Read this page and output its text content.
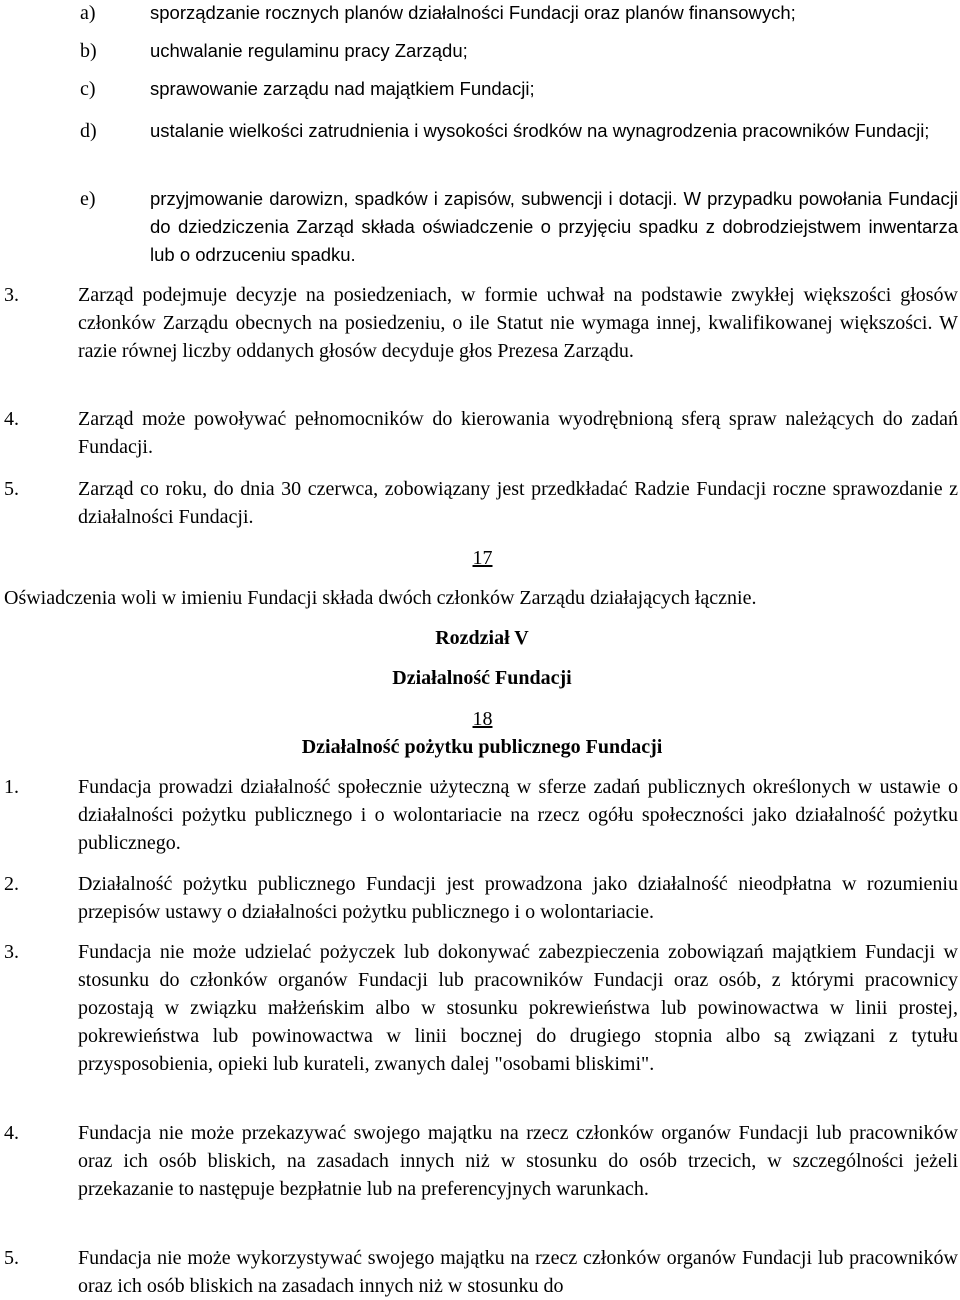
a)	sporządzanie rocznych planów działalności Fundacji oraz planów finansowych;
b)	uchwalanie regulaminu pracy Zarządu;
c)	sprawowanie zarządu nad majątkiem Fundacji;
d)	ustalanie wielkości zatrudnienia i wysokości środków na wynagrodzenia pracowników Fundacji;
e)	przyjmowanie darowizn, spadków i zapisów, subwencji i dotacji. W przypadku powołania Fundacji do dziedziczenia Zarząd składa oświadczenie o przyjęciu spadku z dobrodziejstwem inwentarza lub o odrzuceniu spadku.
3.	Zarząd podejmuje decyzje na posiedzeniach, w formie uchwał na podstawie zwykłej większości głosów członków Zarządu obecnych na posiedzeniu, o ile Statut nie wymaga innej, kwalifikowanej większości. W razie równej liczby oddanych głosów decyduje głos Prezesa Zarządu.
4.	Zarząd może powoływać pełnomocników do kierowania wyodrębnioną sferą spraw należących do zadań Fundacji.
5.	Zarząd co roku, do dnia 30 czerwca, zobowiązany jest przedkładać Radzie Fundacji roczne sprawozdanie z działalności Fundacji.
17
Oświadczenia woli w imieniu Fundacji składa dwóch członków Zarządu działających łącznie.
Rozdział V
Działalność Fundacji
18
Działalność pożytku publicznego Fundacji
1.	Fundacja prowadzi działalność społecznie użyteczną w sferze zadań publicznych określonych w ustawie o działalności pożytku publicznego i o wolontariacie na rzecz ogółu społeczności jako działalność pożytku publicznego.
2.	Działalność pożytku publicznego Fundacji jest prowadzona jako działalność nieodpłatna w rozumieniu przepisów ustawy o działalności pożytku publicznego i o wolontariacie.
3.	Fundacja nie może udzielać pożyczek lub dokonywać zabezpieczenia zobowiązań majątkiem Fundacji w stosunku do członków organów Fundacji lub pracowników Fundacji oraz osób, z którymi pracownicy pozostają w związku małżeńskim albo w stosunku pokrewieństwa lub powinowactwa w linii prostej, pokrewieństwa lub powinowactwa w linii bocznej do drugiego stopnia albo są związani z tytułu przysposobienia, opieki lub kurateli, zwanych dalej "osobami bliskimi".
4.	Fundacja nie może przekazywać swojego majątku na rzecz członków organów Fundacji lub pracowników oraz ich osób bliskich, na zasadach innych niż w stosunku do osób trzecich, w szczególności jeżeli przekazanie to następuje bezpłatnie lub na preferencyjnych warunkach.
5.	Fundacja nie może wykorzystywać swojego majątku na rzecz członków organów Fundacji lub pracowników oraz ich osób bliskich na zasadach innych niż w stosunku do
